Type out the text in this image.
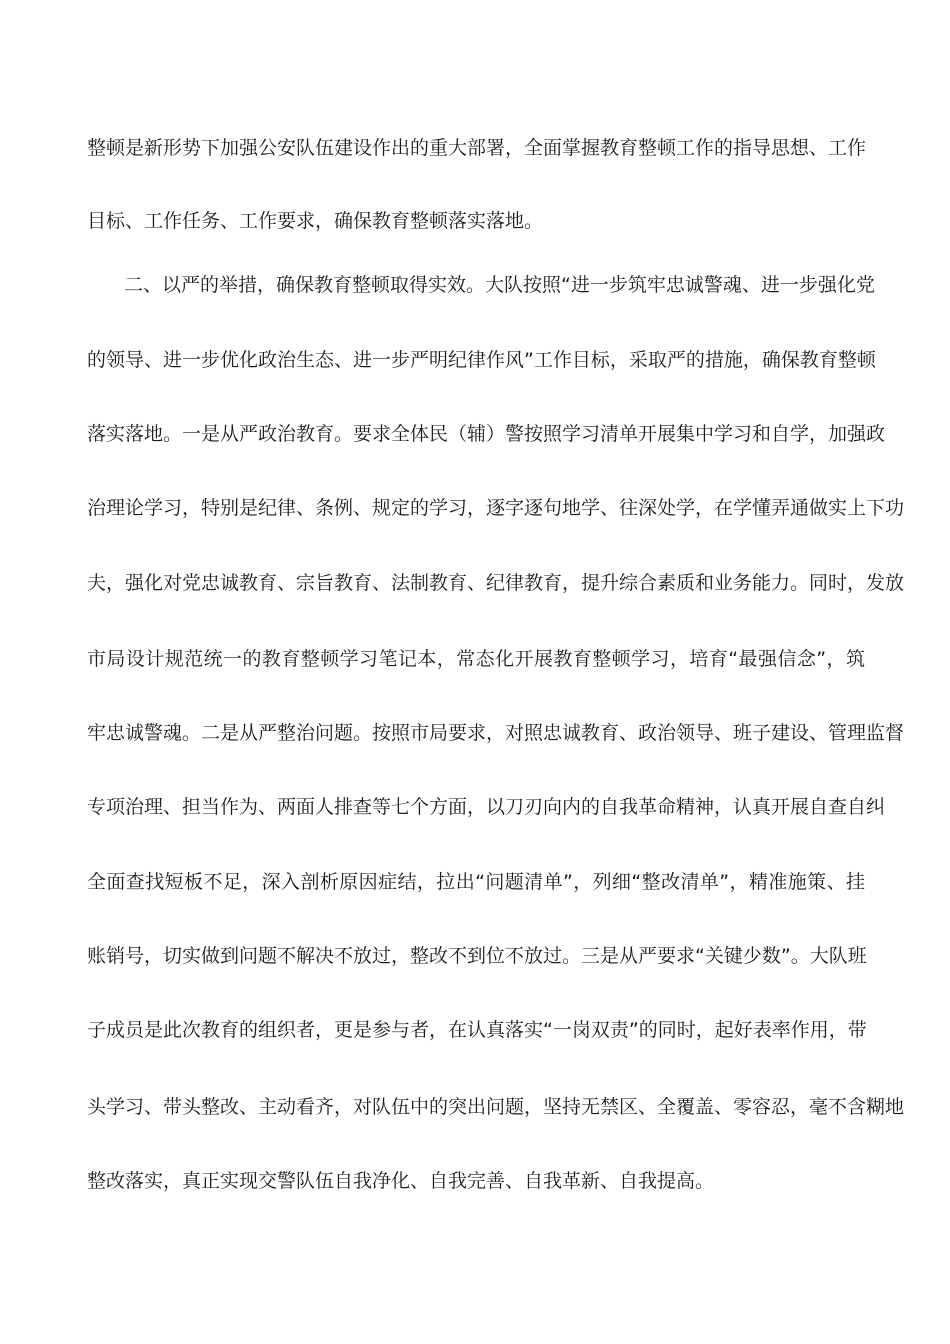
整顿是新形势下加强公安队伍建设作出的重大部署，全面掌握教育整顿工作的指导思想、工作
目标、工作任务、工作要求，确保教育整顿落实落地。
二、以严的举措，确保教育整顿取得实效。大队按照“进一步筑牢忠诚警魂、进一步强化党
的领导、进一步优化政治生态、进一步严明纪律作风”工作目标，采取严的措施，确保教育整顿
落实落地。一是从严政治教育。要求全体民（辅）警按照学习清单开展集中学习和自学，加强政
治理论学习，特别是纪律、条例、规定的学习，逐字逐句地学、往深处学，在学懂弄通做实上下功
夫，强化对党忠诚教育、宗旨教育、法制教育、纪律教育，提升综合素质和业务能力。同时，发放
市局设计规范统一的教育整顿学习笔记本，常态化开展教育整顿学习，培育“最强信念”，筑
牢忠诚警魂。二是从严整治问题。按照市局要求，对照忠诚教育、政治领导、班子建设、管理监督
专项治理、担当作为、两面人排查等七个方面，以刀刃向内的自我革命精神，认真开展自查自纠
全面查找短板不足，深入剖析原因症结，拉出“问题清单”，列细“整改清单”，精准施策、挂
账销号，切实做到问题不解决不放过，整改不到位不放过。三是从严要求“关键少数”。大队班
子成员是此次教育的组织者，更是参与者，在认真落实“一岗双责”的同时，起好表率作用，带
头学习、带头整改、主动看齐，对队伍中的突出问题，坚持无禁区、全覆盖、零容忍，毫不含糊地
整改落实，真正实现交警队伍自我净化、自我完善、自我革新、自我提高。
